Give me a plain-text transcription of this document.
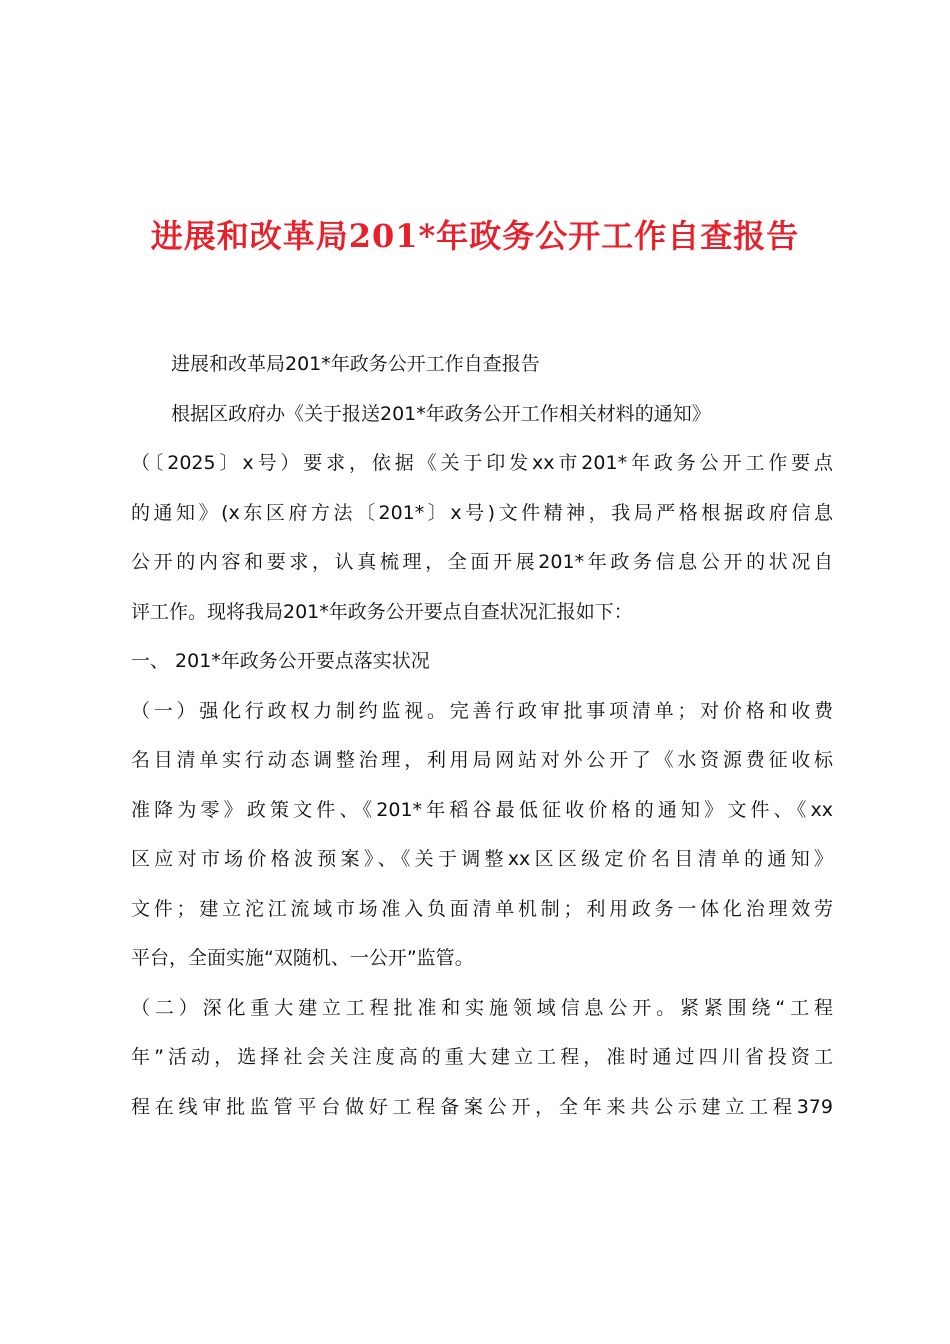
进展和改革局201*年政务公开工作自查报告
进展和改革局201*年政务公开工作自查报告
根据区政府办《关于报送201*年政务公开工作相关材料的通知》
（〔2025〕x号）要求，依据《关于印发xx市201*年政务公开工作要点
的通知》(x东区府方法〔201*〕x号)文件精神，我局严格根据政府信息
公开的内容和要求，认真梳理，全面开展201*年政务信息公开的状况自
评工作。现将我局201*年政务公开要点自查状况汇报如下：
一、 201*年政务公开要点落实状况
（一）强化行政权力制约监视。完善行政审批事项清单；对价格和收费
名目清单实行动态调整治理，利用局网站对外公开了《水资源费征收标
准降为零》政策文件、《201*年稻谷最低征收价格的通知》文件、《xx
区应对市场价格波预案》、《关于调整xx区区级定价名目清单的通知》
文件；建立沱江流域市场准入负面清单机制；利用政务一体化治理效劳
平台，全面实施“双随机、一公开”监管。
（二）深化重大建立工程批准和实施领域信息公开。紧紧围绕“工程
年”活动，选择社会关注度高的重大建立工程，准时通过四川省投资工
程在线审批监管平台做好工程备案公开，全年来共公示建立工程379
